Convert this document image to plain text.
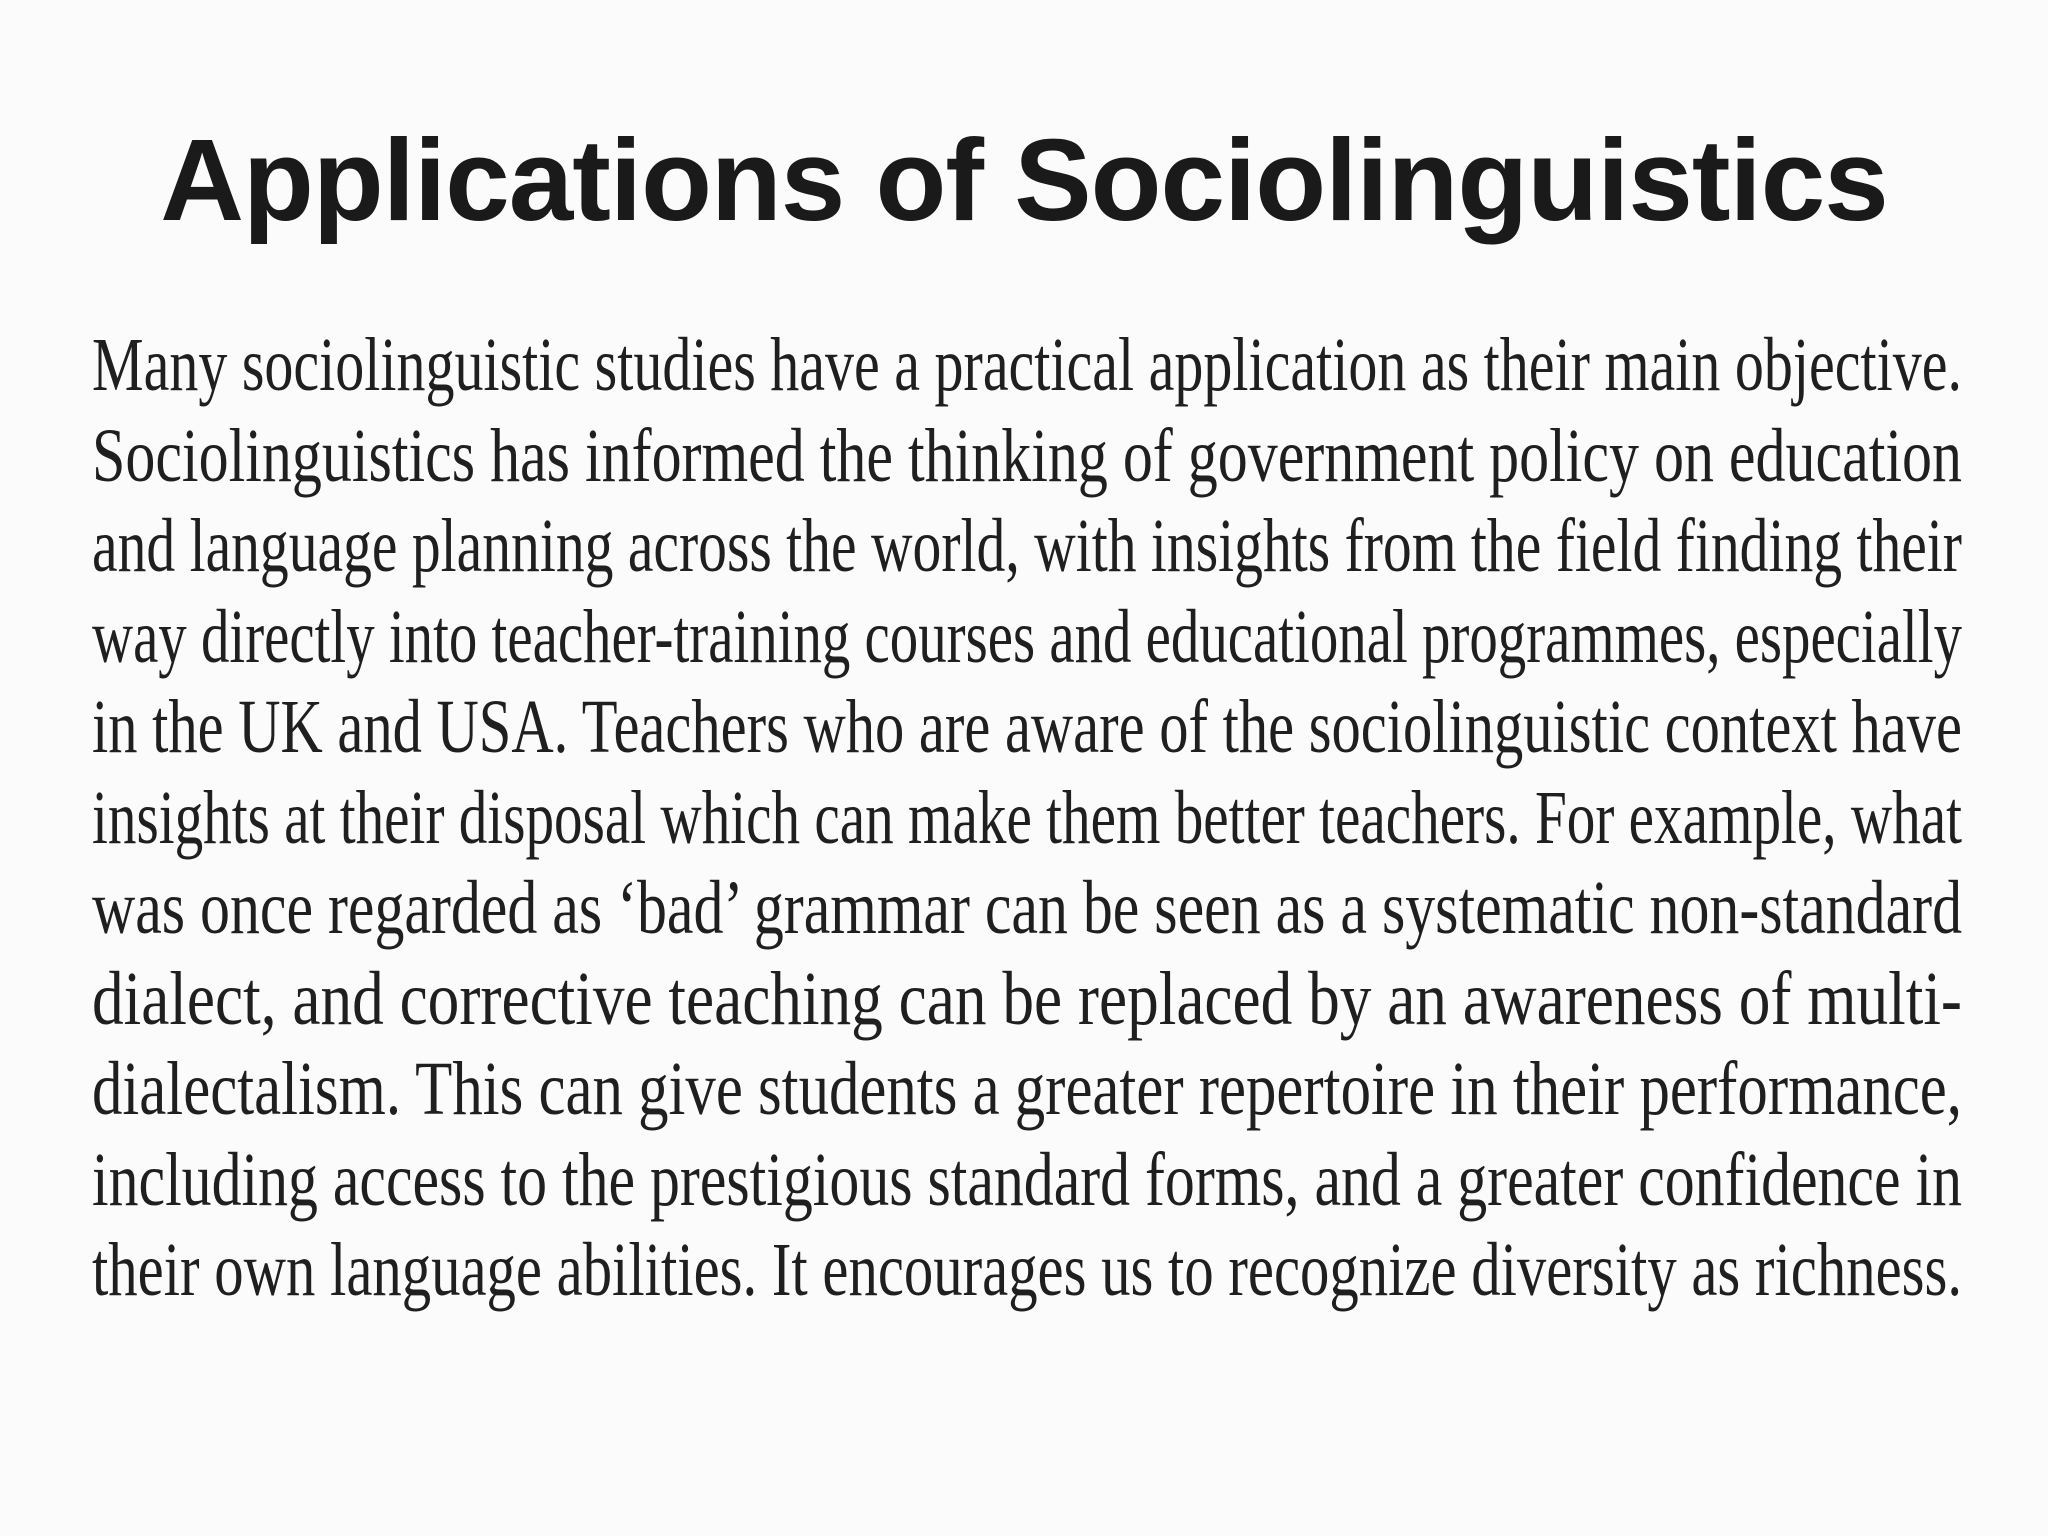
Applications of Sociolinguistics
Many sociolinguistic studies have a practical application as their main objective.
Sociolinguistics has informed the thinking of government policy on education
and language planning across the world, with insights from the field finding their
way directly into teacher-training courses and educational programmes, especially
in the UK and USA. Teachers who are aware of the sociolinguistic context have
insights at their disposal which can make them better teachers. For example, what
was once regarded as ‘bad’ grammar can be seen as a systematic non-standard
dialect, and corrective teaching can be replaced by an awareness of multi-
dialectalism. This can give students a greater repertoire in their performance,
including access to the prestigious standard forms, and a greater confidence in
their own language abilities. It encourages us to recognize diversity as richness.
